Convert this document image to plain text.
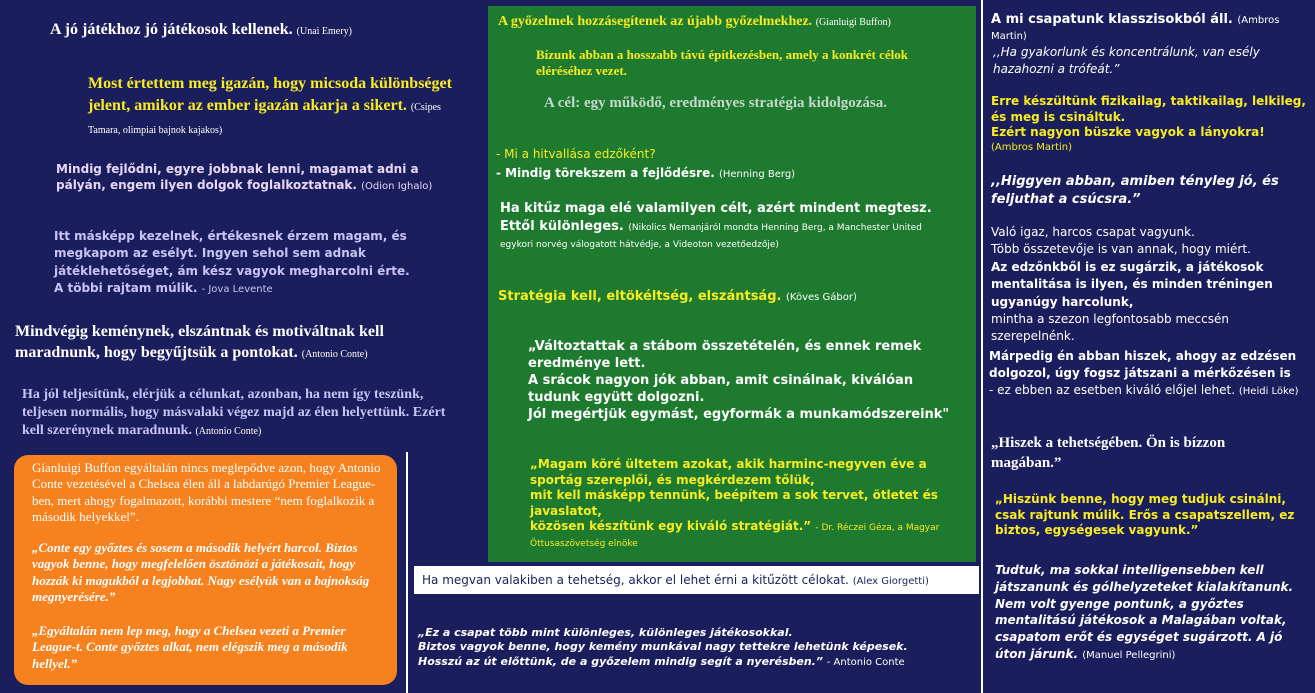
A jó játékhoz jó játékosok kellenek. (Unai Emery)

Most értettem meg igazán, hogy micsoda különbséget jelent, amikor az ember igazán akarja a sikert. (Csipes Tamara, olimpiai bajnok kajakos)

Mindig fejlődni, egyre jobbnak lenni, magamat adni a pályán, engem ilyen dolgok foglalkoztatnak. (Odion Ighalo)

Itt másképp kezelnek, értékesnek érzem magam, és megkapom az esélyt. Ingyen sehol sem adnak játéklehetőséget, ám kész vagyok megharcolni érte. A többi rajtam múlik. - Jova Levente

Mindvégig keménynek, elszántnak és motiváltnak kell maradnunk, hogy begyűjtsük a pontokat. (Antonio Conte)

Ha jól teljesítünk, elérjük a célunkat, azonban, ha nem így teszünk, teljesen normális, hogy másvalaki végez majd az élen helyettünk. Ezért kell szerénynek maradnunk. (Antonio Conte)

Gianluigi Buffon egyáltalán nincs meglepődve azon, hogy Antonio Conte vezetésével a Chelsea élen áll a labdarúgó Premier League-ben, mert ahogy fogalmazott, korábbi mestere “nem foglalkozik a második helyekkel”.

„Conte egy győztes és sosem a második helyért harcol. Biztos vagyok benne, hogy megfelelően ösztönözi a játékosait, hogy hozzák ki magukból a legjobbat. Nagy esélyük van a bajnokság megnyerésére.”

„Egyáltalán nem lep meg, hogy a Chelsea vezeti a Premier League-t. Conte győztes alkat, nem elégszik meg a második hellyel.”

A győzelmek hozzásegítenek az újabb győzelmekhez. (Gianluigi Buffon)

Bízunk abban a hosszabb távú építkezésben, amely a konkrét célok eléréséhez vezet.

A cél: egy működő, eredményes stratégia kidolgozása.

- Mi a hitvallása edzőként?

- Mindig törekszem a fejlődésre. (Henning Berg)

Ha kitűz maga elé valamilyen célt, azért mindent megtesz. Ettől különleges. (Nikolics Nemanjáról mondta Henning Berg, a Manchester United egykori norvég válogatott hátvédje, a Videoton vezetőedzője)

Stratégia kell, eltökéltség, elszántság. (Köves Gábor)

„Változtattak a stábom összetételén, és ennek remek eredménye lett.

A srácok nagyon jók abban, amit csinálnak, kiválóan tudunk együtt dolgozni.

Jól megértjük egymást, egyformák a munkamódszereink"

„Magam köré ültetem azokat, akik harminc-negyven éve a sportág szereplői, és megkérdezem tőlük,

mit kell másképp tennünk, beépítem a sok tervet, ötletet és javaslatot,

közösen készítünk egy kiváló stratégiát.” - Dr. Réczei Géza, a Magyar Öttusaszövetség elnöke

Ha megvan valakiben a tehetség, akkor el lehet érni a kitűzött célokat. (Alex Giorgetti)

„Ez a csapat több mint különleges, különleges játékosokkal.

Biztos vagyok benne, hogy kemény munkával nagy tettekre lehetünk képesek.

Hosszú az út előttünk, de a győzelem mindig segít a nyerésben.” - Antonio Conte

A mi csapatunk klasszisokból áll. (Ambros Martin)

,,Ha gyakorlunk és koncentrálunk, van esély hazahozni a trófeát.”

Erre készültünk fizikailag, taktikailag, lelkileg, és meg is csináltuk.

Ezért nagyon büszke vagyok a lányokra!

(Ambros Martin)

,,Higgyen abban, amiben tényleg jó, és feljuthat a csúcsra.”

Való igaz, harcos csapat vagyunk.

Több összetevője is van annak, hogy miért.

Az edzőnkből is ez sugárzik, a játékosok mentalitása is ilyen, és minden tréningen ugyanúgy harcolunk,

mintha a szezon legfontosabb meccsén szerepelnénk.

Márpedig én abban hiszek, ahogy az edzésen dolgozol, úgy fogsz játszani a mérkőzésen is

- ez ebben az esetben kiváló előjel lehet. (Heidi Löke)

„Hiszek a tehetségében. Ön is bízzon magában.”

„Hiszünk benne, hogy meg tudjuk csinálni, csak rajtunk múlik. Erős a csapatszellem, ez biztos, egységesek vagyunk.”

Tudtuk, ma sokkal intelligensebben kell játszanunk és gólhelyzeteket kialakítanunk. Nem volt gyenge pontunk, a győztes mentalitású játékosok a Malagában voltak, csapatom erőt és egységet sugárzott. A jó úton járunk. (Manuel Pellegrini)
